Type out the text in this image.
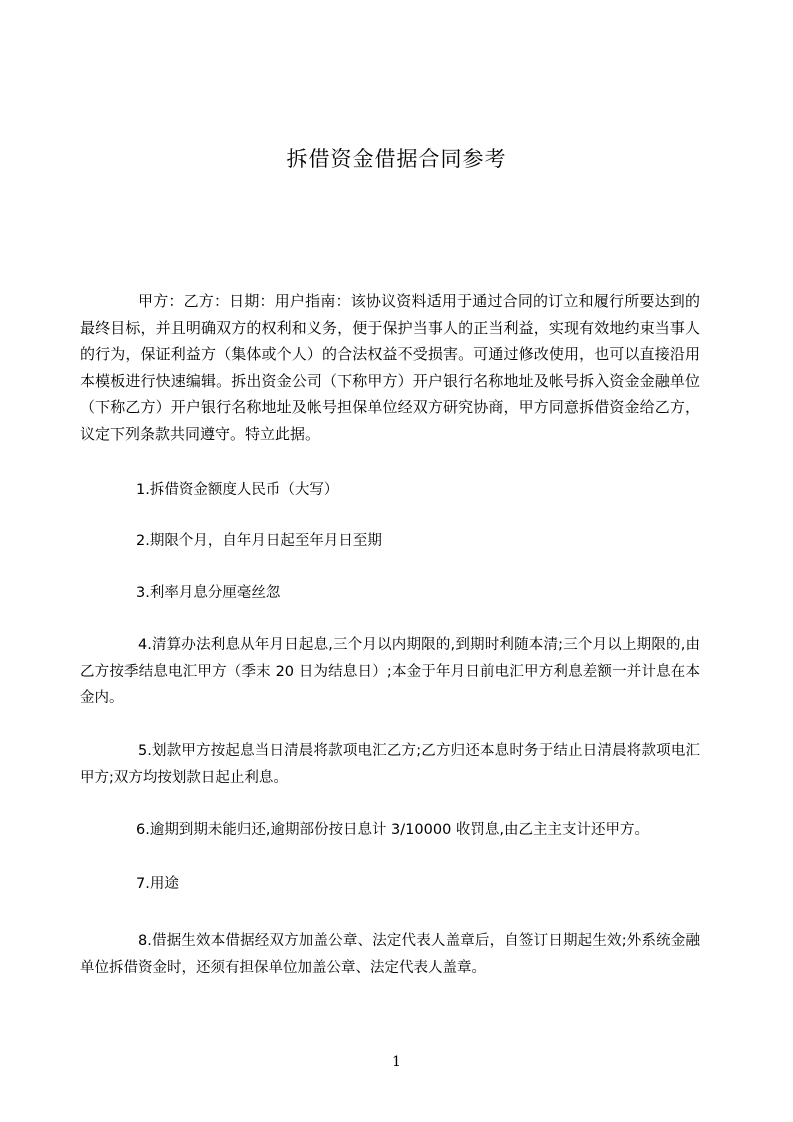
拆借资金借据合同参考
甲方：乙方：日期：用户指南：该协议资料适用于通过合同的订立和履行所要达到的最终目标，并且明确双方的权利和义务，便于保护当事人的正当利益，实现有效地约束当事人的行为，保证利益方（集体或个人）的合法权益不受损害。可通过修改使用，也可以直接沿用本模板进行快速编辑。拆出资金公司（下称甲方）开户银行名称地址及帐号拆入资金金融单位（下称乙方）开户银行名称地址及帐号担保单位经双方研究协商，甲方同意拆借资金给乙方，议定下列条款共同遵守。特立此据。
1.拆借资金额度人民币（大写）
2.期限个月，自年月日起至年月日至期
3.利率月息分厘毫丝忽
4.清算办法利息从年月日起息,三个月以内期限的,到期时利随本清;三个月以上期限的,由乙方按季结息电汇甲方（季末 20 日为结息日）;本金于年月日前电汇甲方利息差额一并计息在本金内。
5.划款甲方按起息当日清晨将款项电汇乙方;乙方归还本息时务于结止日清晨将款项电汇甲方;双方均按划款日起止利息。
6.逾期到期未能归还,逾期部份按日息计 3/10000 收罚息,由乙主主支计还甲方。
7.用途
8.借据生效本借据经双方加盖公章、法定代表人盖章后，自签订日期起生效;外系统金融单位拆借资金时，还须有担保单位加盖公章、法定代表人盖章。
1
